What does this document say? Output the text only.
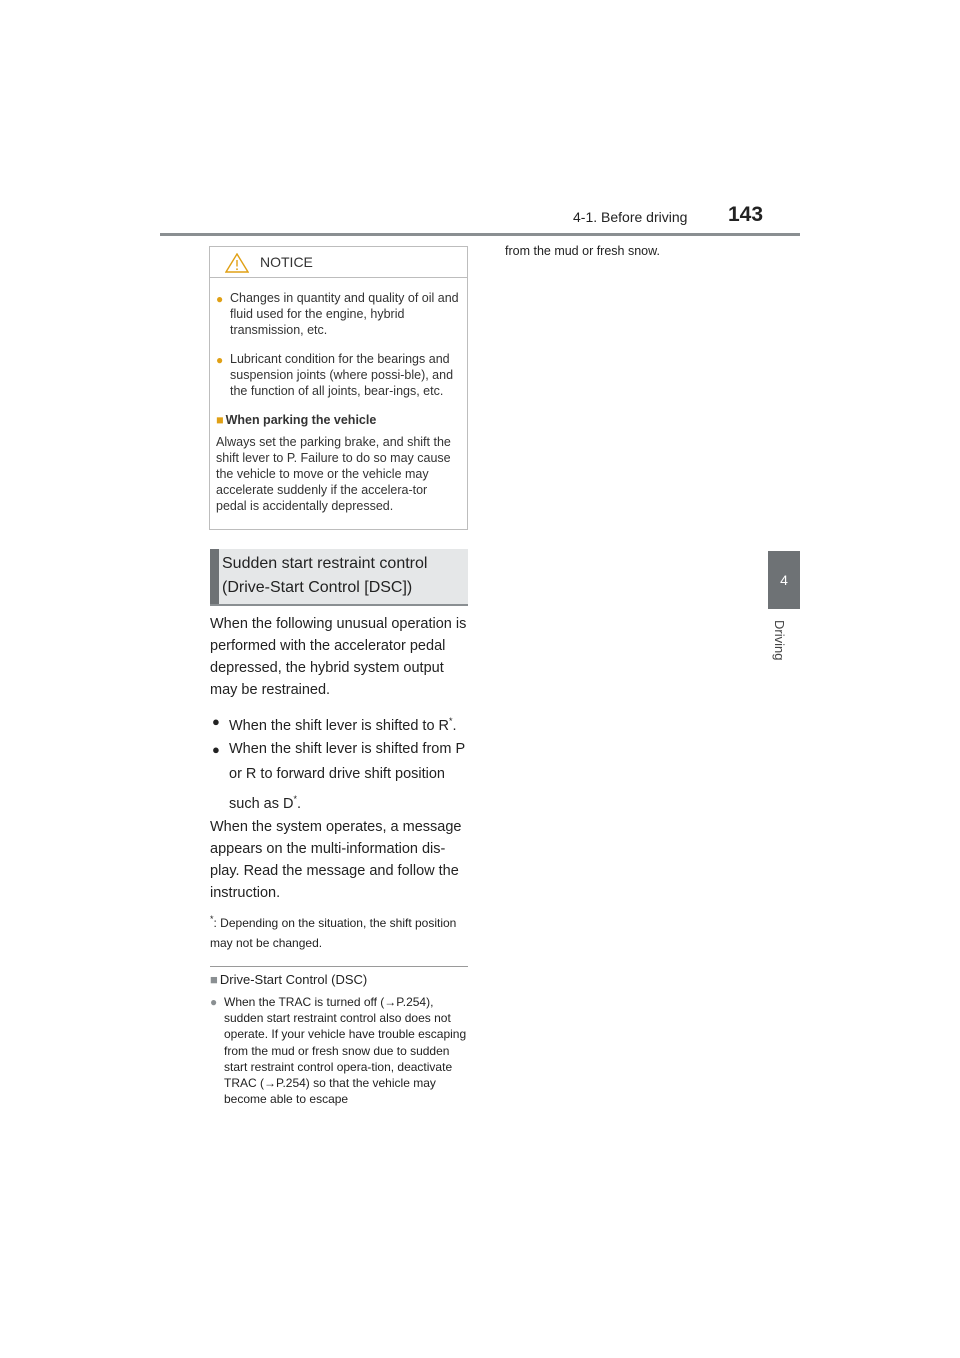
4-1. Before driving 143
4
Driving
NOTICE
● Changes in quantity and quality of oil and fluid used for the engine, hybrid transmission, etc.
● Lubricant condition for the bearings and suspension joints (where possi-ble), and the function of all joints, bear-ings, etc.
■ When parking the vehicle
Always set the parking brake, and shift the shift lever to P. Failure to do so may cause the vehicle to move or the vehicle may accelerate suddenly if the accelera-tor pedal is accidentally depressed.
Sudden start restraint control
(Drive-Start Control [DSC])
When the following unusual operation is performed with the accelerator pedal depressed, the hybrid system output may be restrained.
● When the shift lever is shifted to R*.
● When the shift lever is shifted from P or R to forward drive shift position such as D*.
When the system operates, a message appears on the multi-information dis-play. Read the message and follow the instruction.
*: Depending on the situation, the shift position may not be changed.
■ Drive-Start Control (DSC)
● When the TRAC is turned off (→P.254), sudden start restraint control also does not operate. If your vehicle have trouble escaping from the mud or fresh snow due to sudden start restraint control opera-tion, deactivate TRAC (→P.254) so that the vehicle may become able to escape
from the mud or fresh snow.
